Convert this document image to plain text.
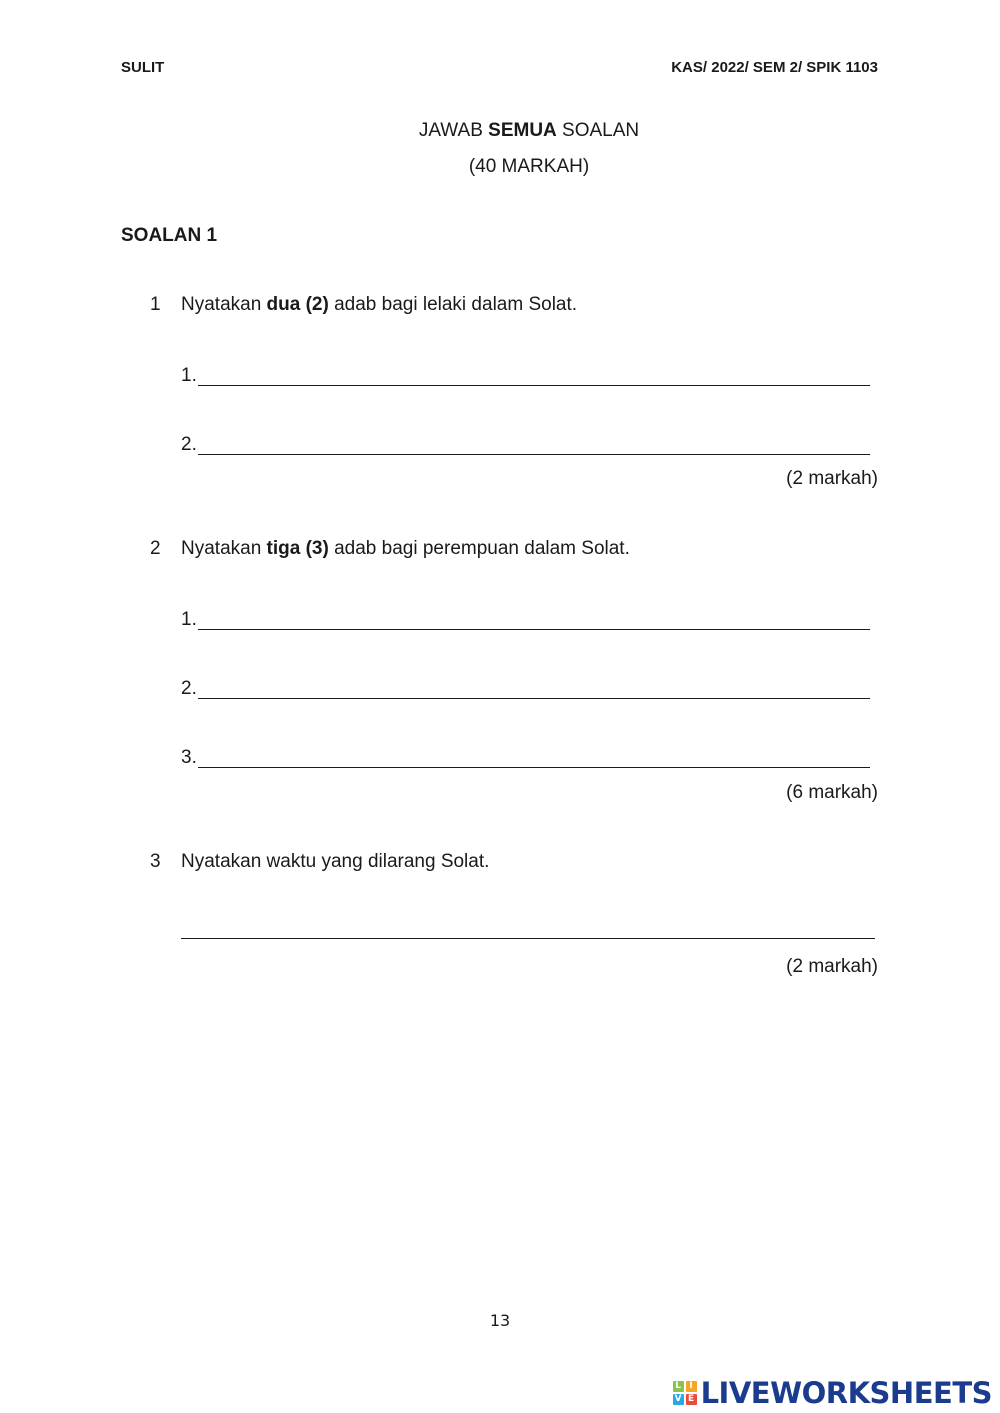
SULIT	KAS/ 2022/ SEM 2/ SPIK 1103
JAWAB SEMUA SOALAN
(40 MARKAH)
SOALAN 1
1 Nyatakan dua (2) adab bagi lelaki dalam Solat.
1.
2.
(2 markah)
2 Nyatakan tiga (3) adab bagi perempuan dalam Solat.
1.
2.
3.
(6 markah)
3 Nyatakan waktu yang dilarang Solat.
(2 markah)
13
L I
V E LIVEWORKSHEETS
